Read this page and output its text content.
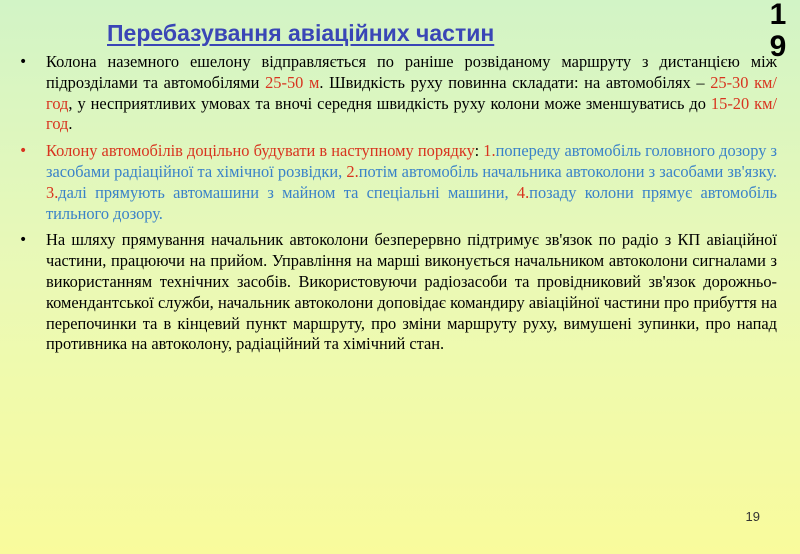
Перебазування авіаційних частин
1
9
• Колона наземного ешелону відправляється по раніше розвіданому маршруту з дистанцією між підрозділами та автомобілями 25-50 м. Швидкість руху повинна складати: на автомобілях – 25-30 км/год, у несприятливих умовах та вночі середня швидкість руху колони може зменшуватись до 15-20 км/год.
• Колону автомобілів доцільно будувати в наступному порядку: 1.попереду автомобіль головного дозору з засобами радіаційної та хімічної розвідки, 2.потім автомобіль начальника автоколони з засобами зв'язку. 3.далі прямують автомашини з майном та спеціальні машини, 4.позаду колони прямує автомобіль тильного дозору.
• На шляху прямування начальник автоколони безперервно підтримує зв'язок по радіо з КП авіаційної частини, працюючи на прийом. Управління на марші виконується начальником автоколони сигналами з використанням технічних засобів. Використовуючи радіозасоби та провідниковий зв'язок дорожньо-комендантської служби, начальник автоколони доповідає командиру авіаційної частини про прибуття на перепочинки та в кінцевий пункт маршруту, про зміни маршруту руху, вимушені зупинки, про напад противника на автоколону, радіаційний та хімічний стан.
19
